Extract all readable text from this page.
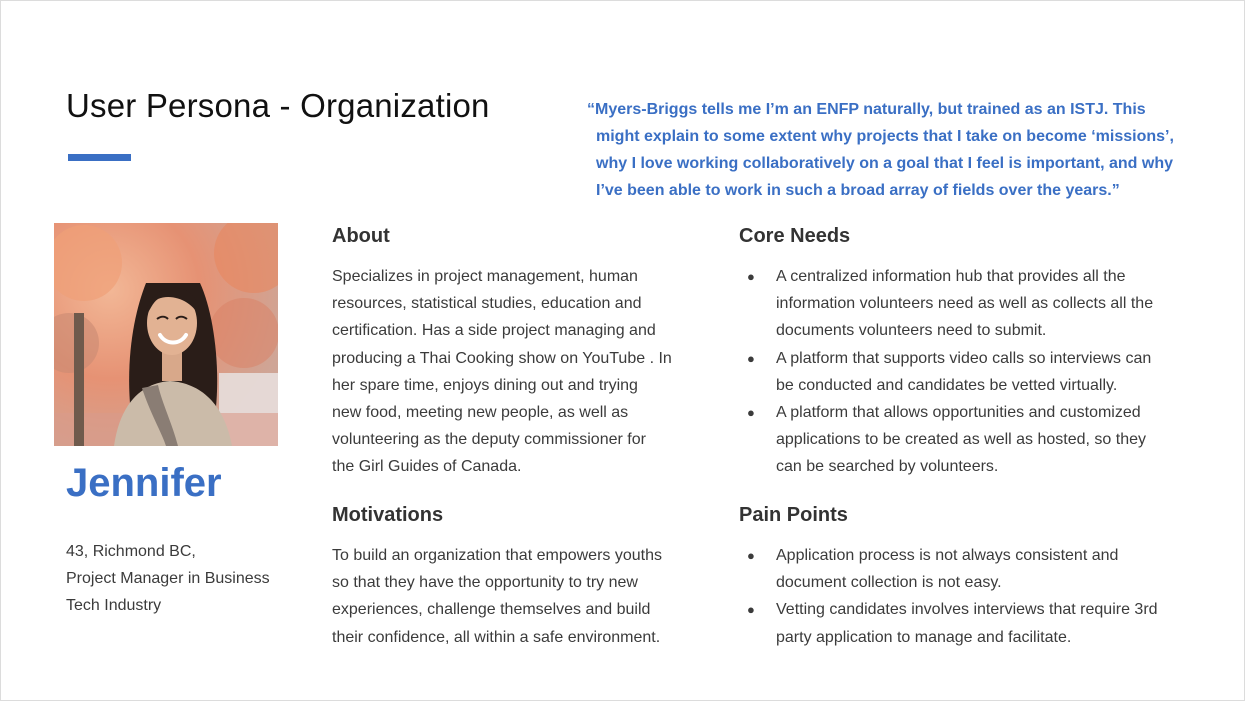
User Persona - Organization	“Myers-Briggs tells me I’m an ENFP naturally, but trained as an ISTJ. This
might explain to some extent why projects that I take on become ‘missions’,
why I love working collaboratively on a goal that I feel is important, and why
I’ve been able to work in such a broad array of fields over the years.”
Jennifer
43, Richmond BC,
Project Manager in Business
Tech Industry
About
Specializes in project management, human
resources, statistical studies, education and
certification. Has a side project managing and
producing a Thai Cooking show on YouTube . In
her spare time, enjoys dining out and trying
new food, meeting new people, as well as
volunteering as the deputy commissioner for
the Girl Guides of Canada.
Motivations
To build an organization that empowers youths
so that they have the opportunity to try new
experiences, challenge themselves and build
their confidence, all within a safe environment.
Core Needs
● A centralized information hub that provides all the
information volunteers need as well as collects all the
documents volunteers need to submit.
● A platform that supports video calls so interviews can
be conducted and candidates be vetted virtually.
● A platform that allows opportunities and customized
applications to be created as well as hosted, so they
can be searched by volunteers.
Pain Points
● Application process is not always consistent and
document collection is not easy.
● Vetting candidates involves interviews that require 3rd
party application to manage and facilitate.
